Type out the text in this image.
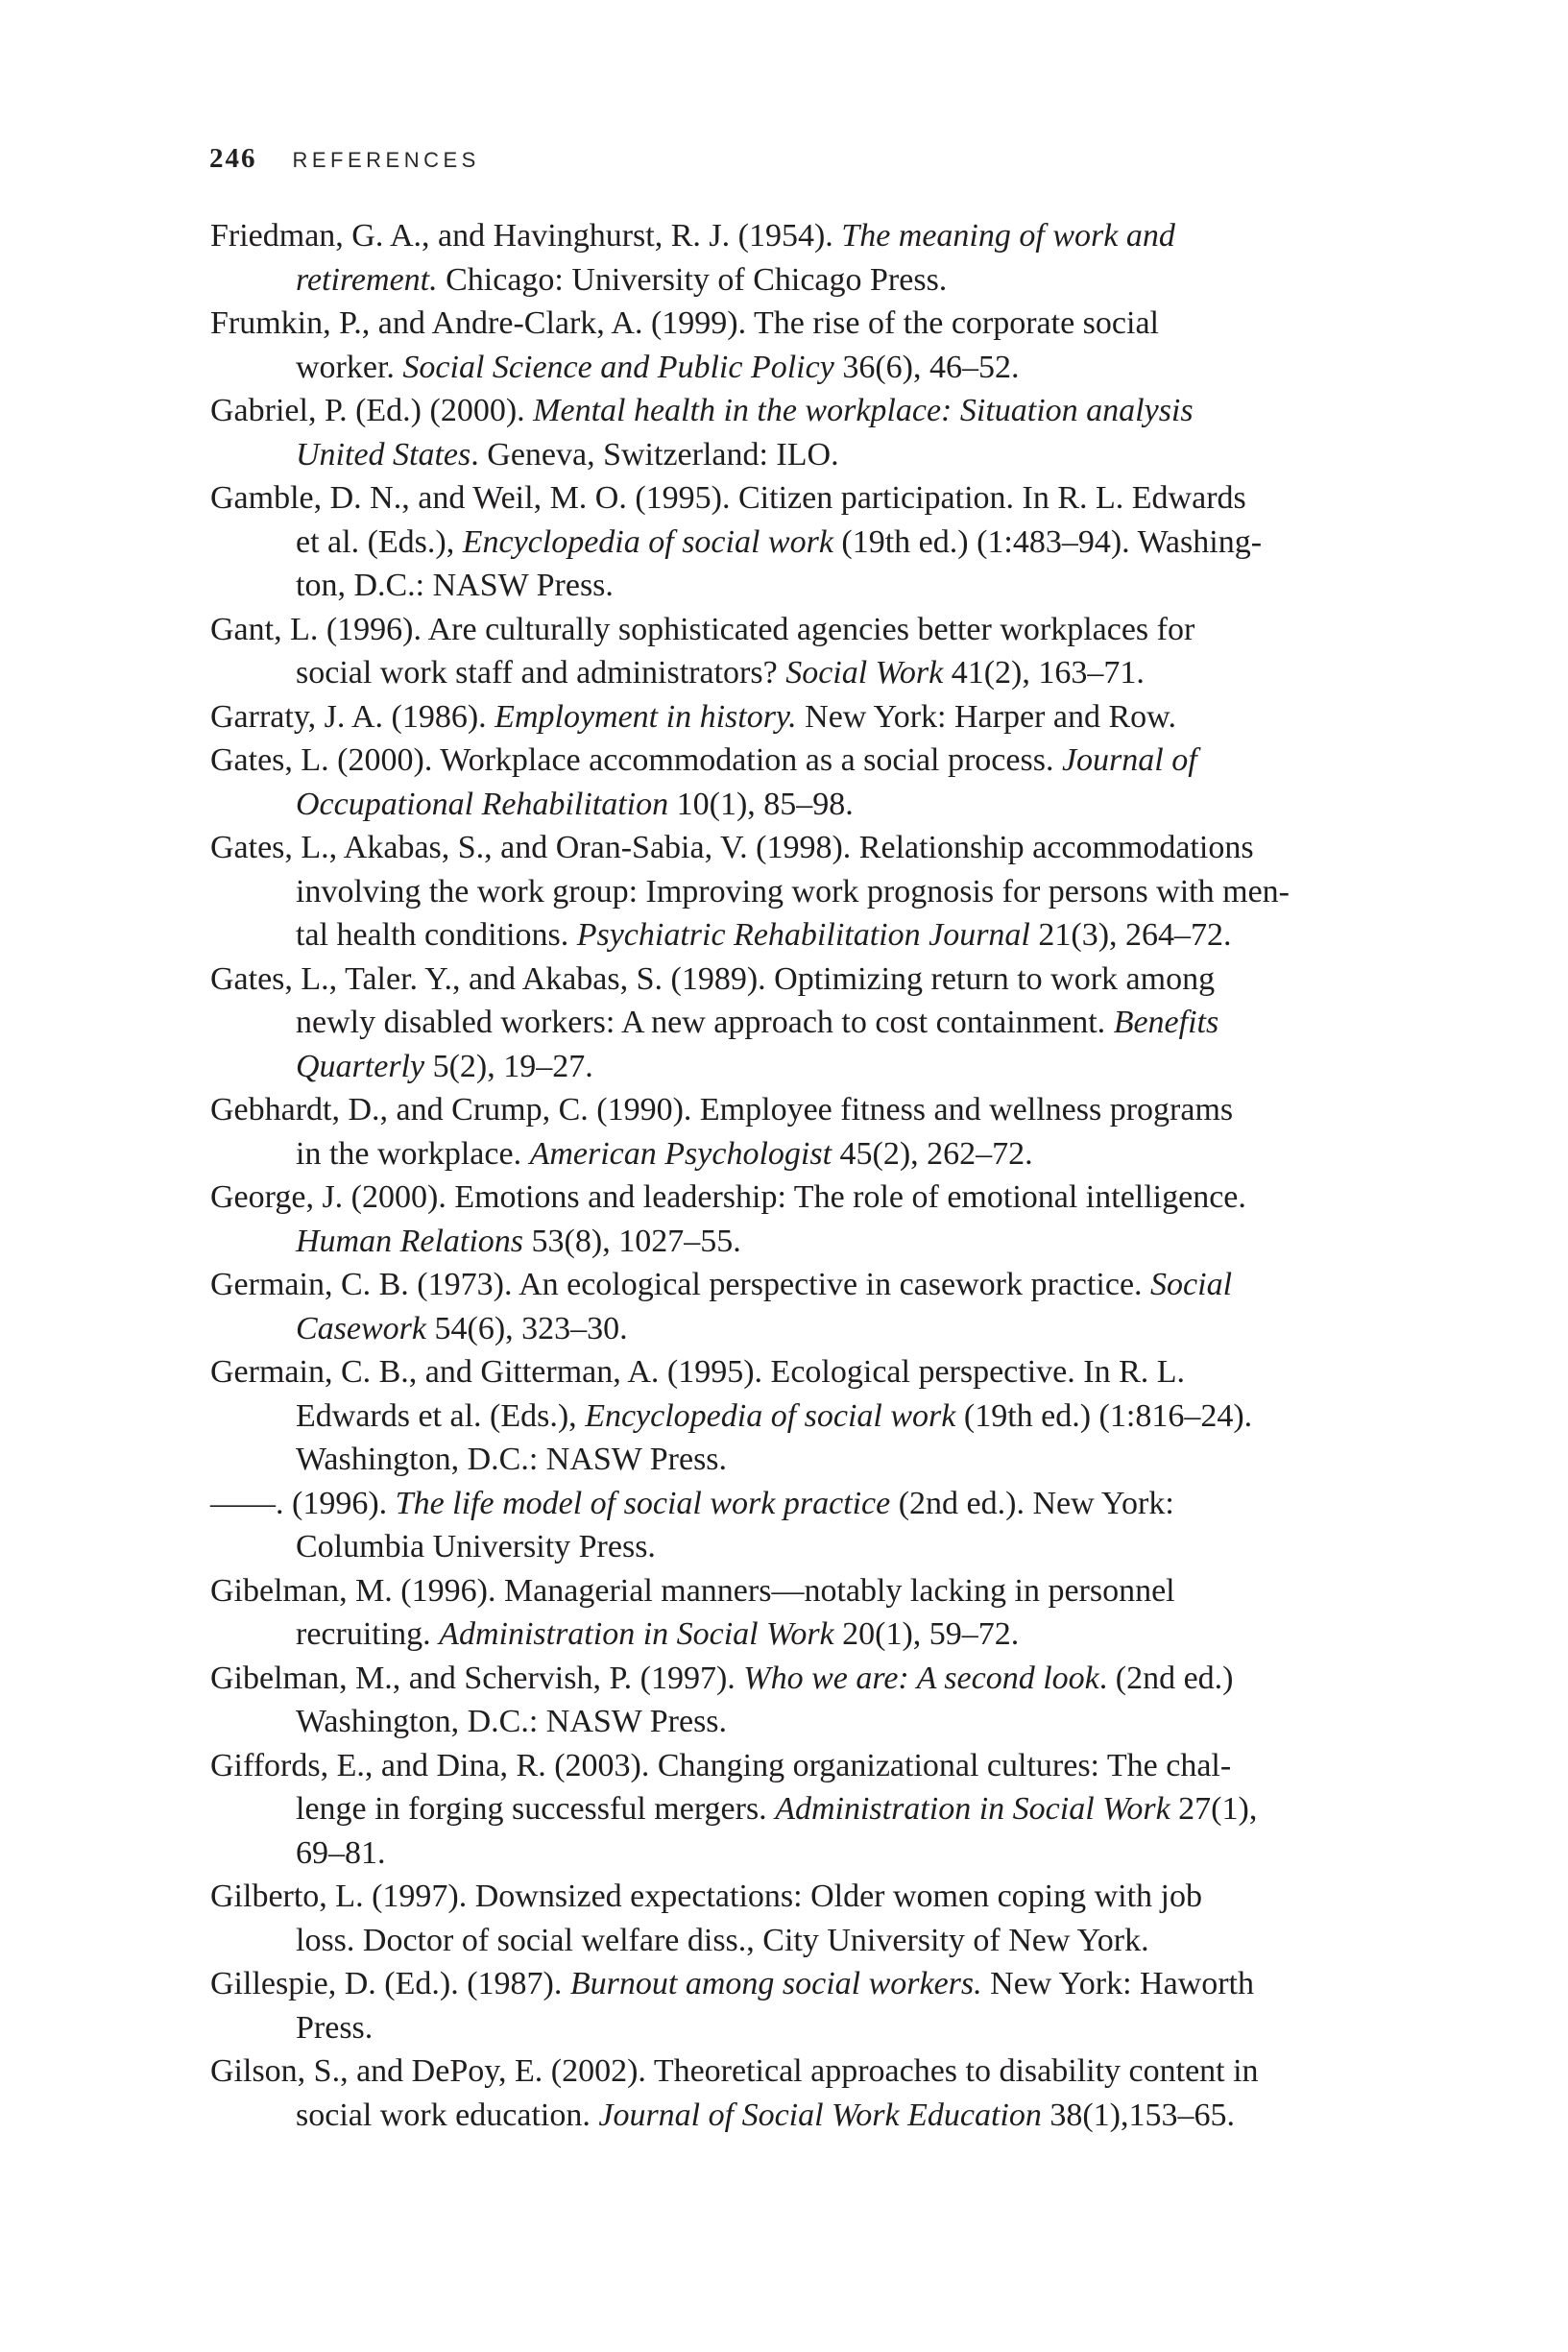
246 REFERENCES
Friedman, G. A., and Havinghurst, R. J. (1954). The meaning of work and
retirement. Chicago: University of Chicago Press.
Frumkin, P., and Andre-Clark, A. (1999). The rise of the corporate social
worker. Social Science and Public Policy 36(6), 46–52.
Gabriel, P. (Ed.) (2000). Mental health in the workplace: Situation analysis
United States. Geneva, Switzerland: ILO.
Gamble, D. N., and Weil, M. O. (1995). Citizen participation. In R. L. Edwards
et al. (Eds.), Encyclopedia of social work (19th ed.) (1:483–94). Washing-
ton, D.C.: NASW Press.
Gant, L. (1996). Are culturally sophisticated agencies better workplaces for
social work staff and administrators? Social Work 41(2), 163–71.
Garraty, J. A. (1986). Employment in history. New York: Harper and Row.
Gates, L. (2000). Workplace accommodation as a social process. Journal of
Occupational Rehabilitation 10(1), 85–98.
Gates, L., Akabas, S., and Oran-Sabia, V. (1998). Relationship accommodations
involving the work group: Improving work prognosis for persons with men-
tal health conditions. Psychiatric Rehabilitation Journal 21(3), 264–72.
Gates, L., Taler. Y., and Akabas, S. (1989). Optimizing return to work among
newly disabled workers: A new approach to cost containment. Benefits
Quarterly 5(2), 19–27.
Gebhardt, D., and Crump, C. (1990). Employee fitness and wellness programs
in the workplace. American Psychologist 45(2), 262–72.
George, J. (2000). Emotions and leadership: The role of emotional intelligence.
Human Relations 53(8), 1027–55.
Germain, C. B. (1973). An ecological perspective in casework practice. Social
Casework 54(6), 323–30.
Germain, C. B., and Gitterman, A. (1995). Ecological perspective. In R. L.
Edwards et al. (Eds.), Encyclopedia of social work (19th ed.) (1:816–24).
Washington, D.C.: NASW Press.
——. (1996). The life model of social work practice (2nd ed.). New York:
Columbia University Press.
Gibelman, M. (1996). Managerial manners—notably lacking in personnel
recruiting. Administration in Social Work 20(1), 59–72.
Gibelman, M., and Schervish, P. (1997). Who we are: A second look. (2nd ed.)
Washington, D.C.: NASW Press.
Giffords, E., and Dina, R. (2003). Changing organizational cultures: The chal-
lenge in forging successful mergers. Administration in Social Work 27(1),
69–81.
Gilberto, L. (1997). Downsized expectations: Older women coping with job
loss. Doctor of social welfare diss., City University of New York.
Gillespie, D. (Ed.). (1987). Burnout among social workers. New York: Haworth
Press.
Gilson, S., and DePoy, E. (2002). Theoretical approaches to disability content in
social work education. Journal of Social Work Education 38(1),153–65.
